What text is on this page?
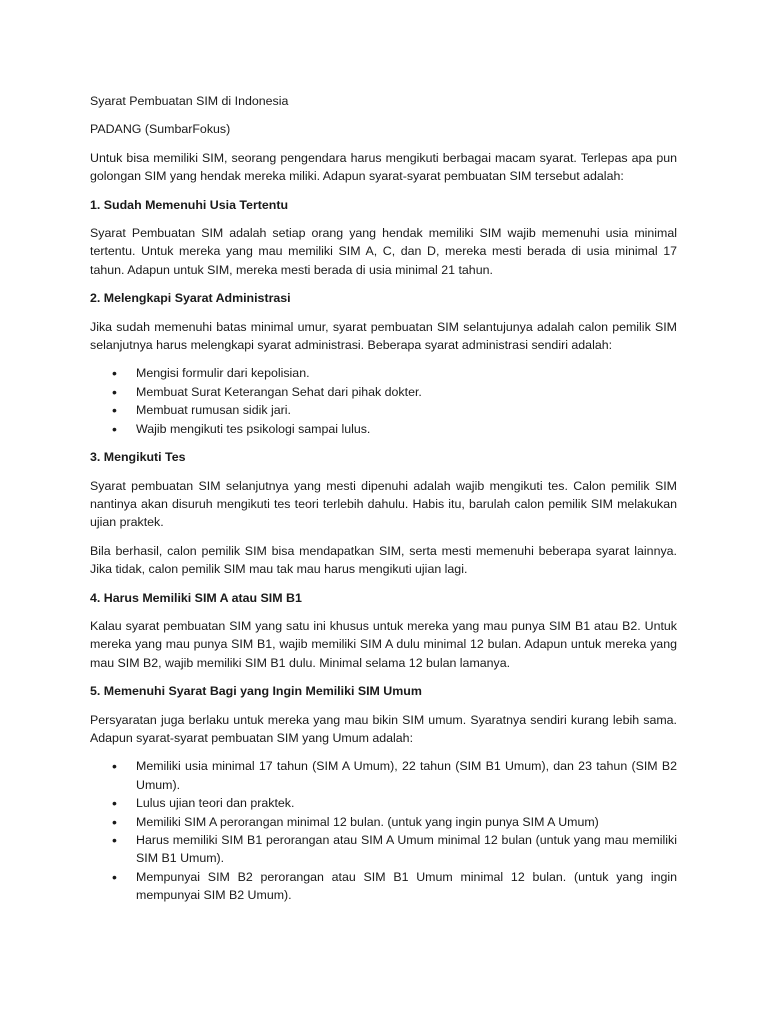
Syarat Pembuatan SIM di Indonesia

PADANG (SumbarFokus)

Untuk bisa memiliki SIM, seorang pengendara harus mengikuti berbagai macam syarat. Terlepas apa pun golongan SIM yang hendak mereka miliki. Adapun syarat-syarat pembuatan SIM tersebut adalah:

1. Sudah Memenuhi Usia Tertentu

Syarat Pembuatan SIM adalah setiap orang yang hendak memiliki SIM wajib memenuhi usia minimal tertentu. Untuk mereka yang mau memiliki SIM A, C, dan D, mereka mesti berada di usia minimal 17 tahun. Adapun untuk SIM, mereka mesti berada di usia minimal 21 tahun.

2. Melengkapi Syarat Administrasi

Jika sudah memenuhi batas minimal umur, syarat pembuatan SIM selantujunya adalah calon pemilik SIM selanjutnya harus melengkapi syarat administrasi. Beberapa syarat administrasi sendiri adalah:

• Mengisi formulir dari kepolisian.
• Membuat Surat Keterangan Sehat dari pihak dokter.
• Membuat rumusan sidik jari.
• Wajib mengikuti tes psikologi sampai lulus.
3. Mengikuti Tes

Syarat pembuatan SIM selanjutnya yang mesti dipenuhi adalah wajib mengikuti tes. Calon pemilik SIM nantinya akan disuruh mengikuti tes teori terlebih dahulu. Habis itu, barulah calon pemilik SIM melakukan ujian praktek.

Bila berhasil, calon pemilik SIM bisa mendapatkan SIM, serta mesti memenuhi beberapa syarat lainnya. Jika tidak, calon pemilik SIM mau tak mau harus mengikuti ujian lagi.

4. Harus Memiliki SIM A atau SIM B1

Kalau syarat pembuatan SIM yang satu ini khusus untuk mereka yang mau punya SIM B1 atau B2. Untuk mereka yang mau punya SIM B1, wajib memiliki SIM A dulu minimal 12 bulan. Adapun untuk mereka yang mau SIM B2, wajib memiliki SIM B1 dulu. Minimal selama 12 bulan lamanya.

5. Memenuhi Syarat Bagi yang Ingin Memiliki SIM Umum

Persyaratan juga berlaku untuk mereka yang mau bikin SIM umum. Syaratnya sendiri kurang lebih sama. Adapun syarat-syarat pembuatan SIM yang Umum adalah:

• Memiliki usia minimal 17 tahun (SIM A Umum), 22 tahun (SIM B1 Umum), dan 23 tahun (SIM B2 Umum).
• Lulus ujian teori dan praktek.
• Memiliki SIM A perorangan minimal 12 bulan. (untuk yang ingin punya SIM A Umum)
• Harus memiliki SIM B1 perorangan atau SIM A Umum minimal 12 bulan (untuk yang mau memiliki SIM B1 Umum).
• Mempunyai SIM B2 perorangan atau SIM B1 Umum minimal 12 bulan. (untuk yang ingin mempunyai SIM B2 Umum).
